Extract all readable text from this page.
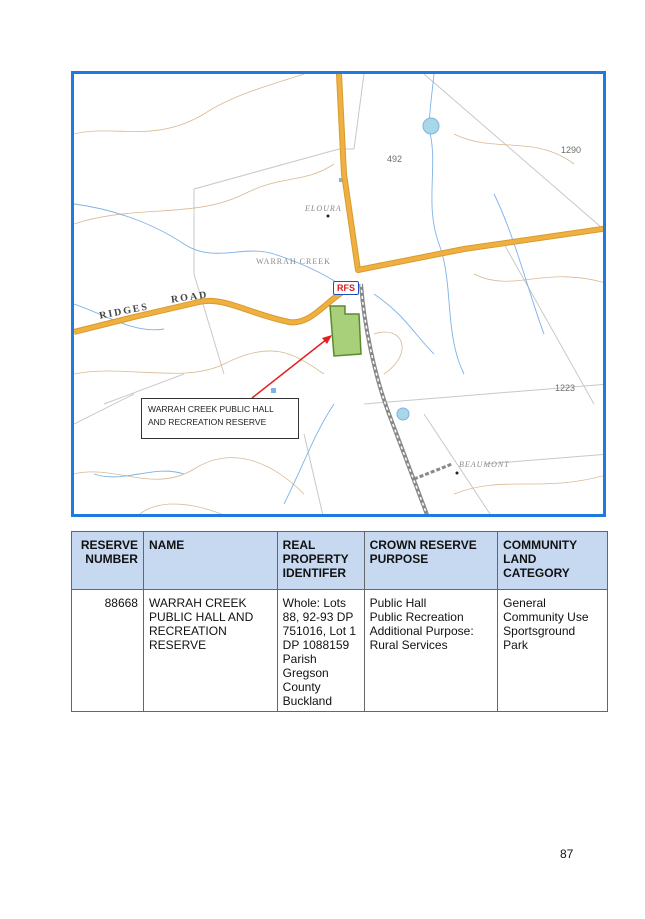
ELOURA
WARRAH CREEK
BEAUMONT
RIDGES
ROAD
492
1290
1223
RFS
WARRAH CREEK PUBLIC HALL
AND RECREATION RESERVE
RESERVE NUMBER	NAME	REAL PROPERTY IDENTIFER	CROWN RESERVE PURPOSE	COMMUNITY LAND CATEGORY
88668	WARRAH CREEK PUBLIC HALL AND RECREATION RESERVE	Whole: Lots 88, 92-93 DP 751016, Lot 1 DP 1088159 Parish Gregson County Buckland	Public Hall
Public Recreation
Additional Purpose: Rural Services	General Community Use
Sportsground
Park
87
